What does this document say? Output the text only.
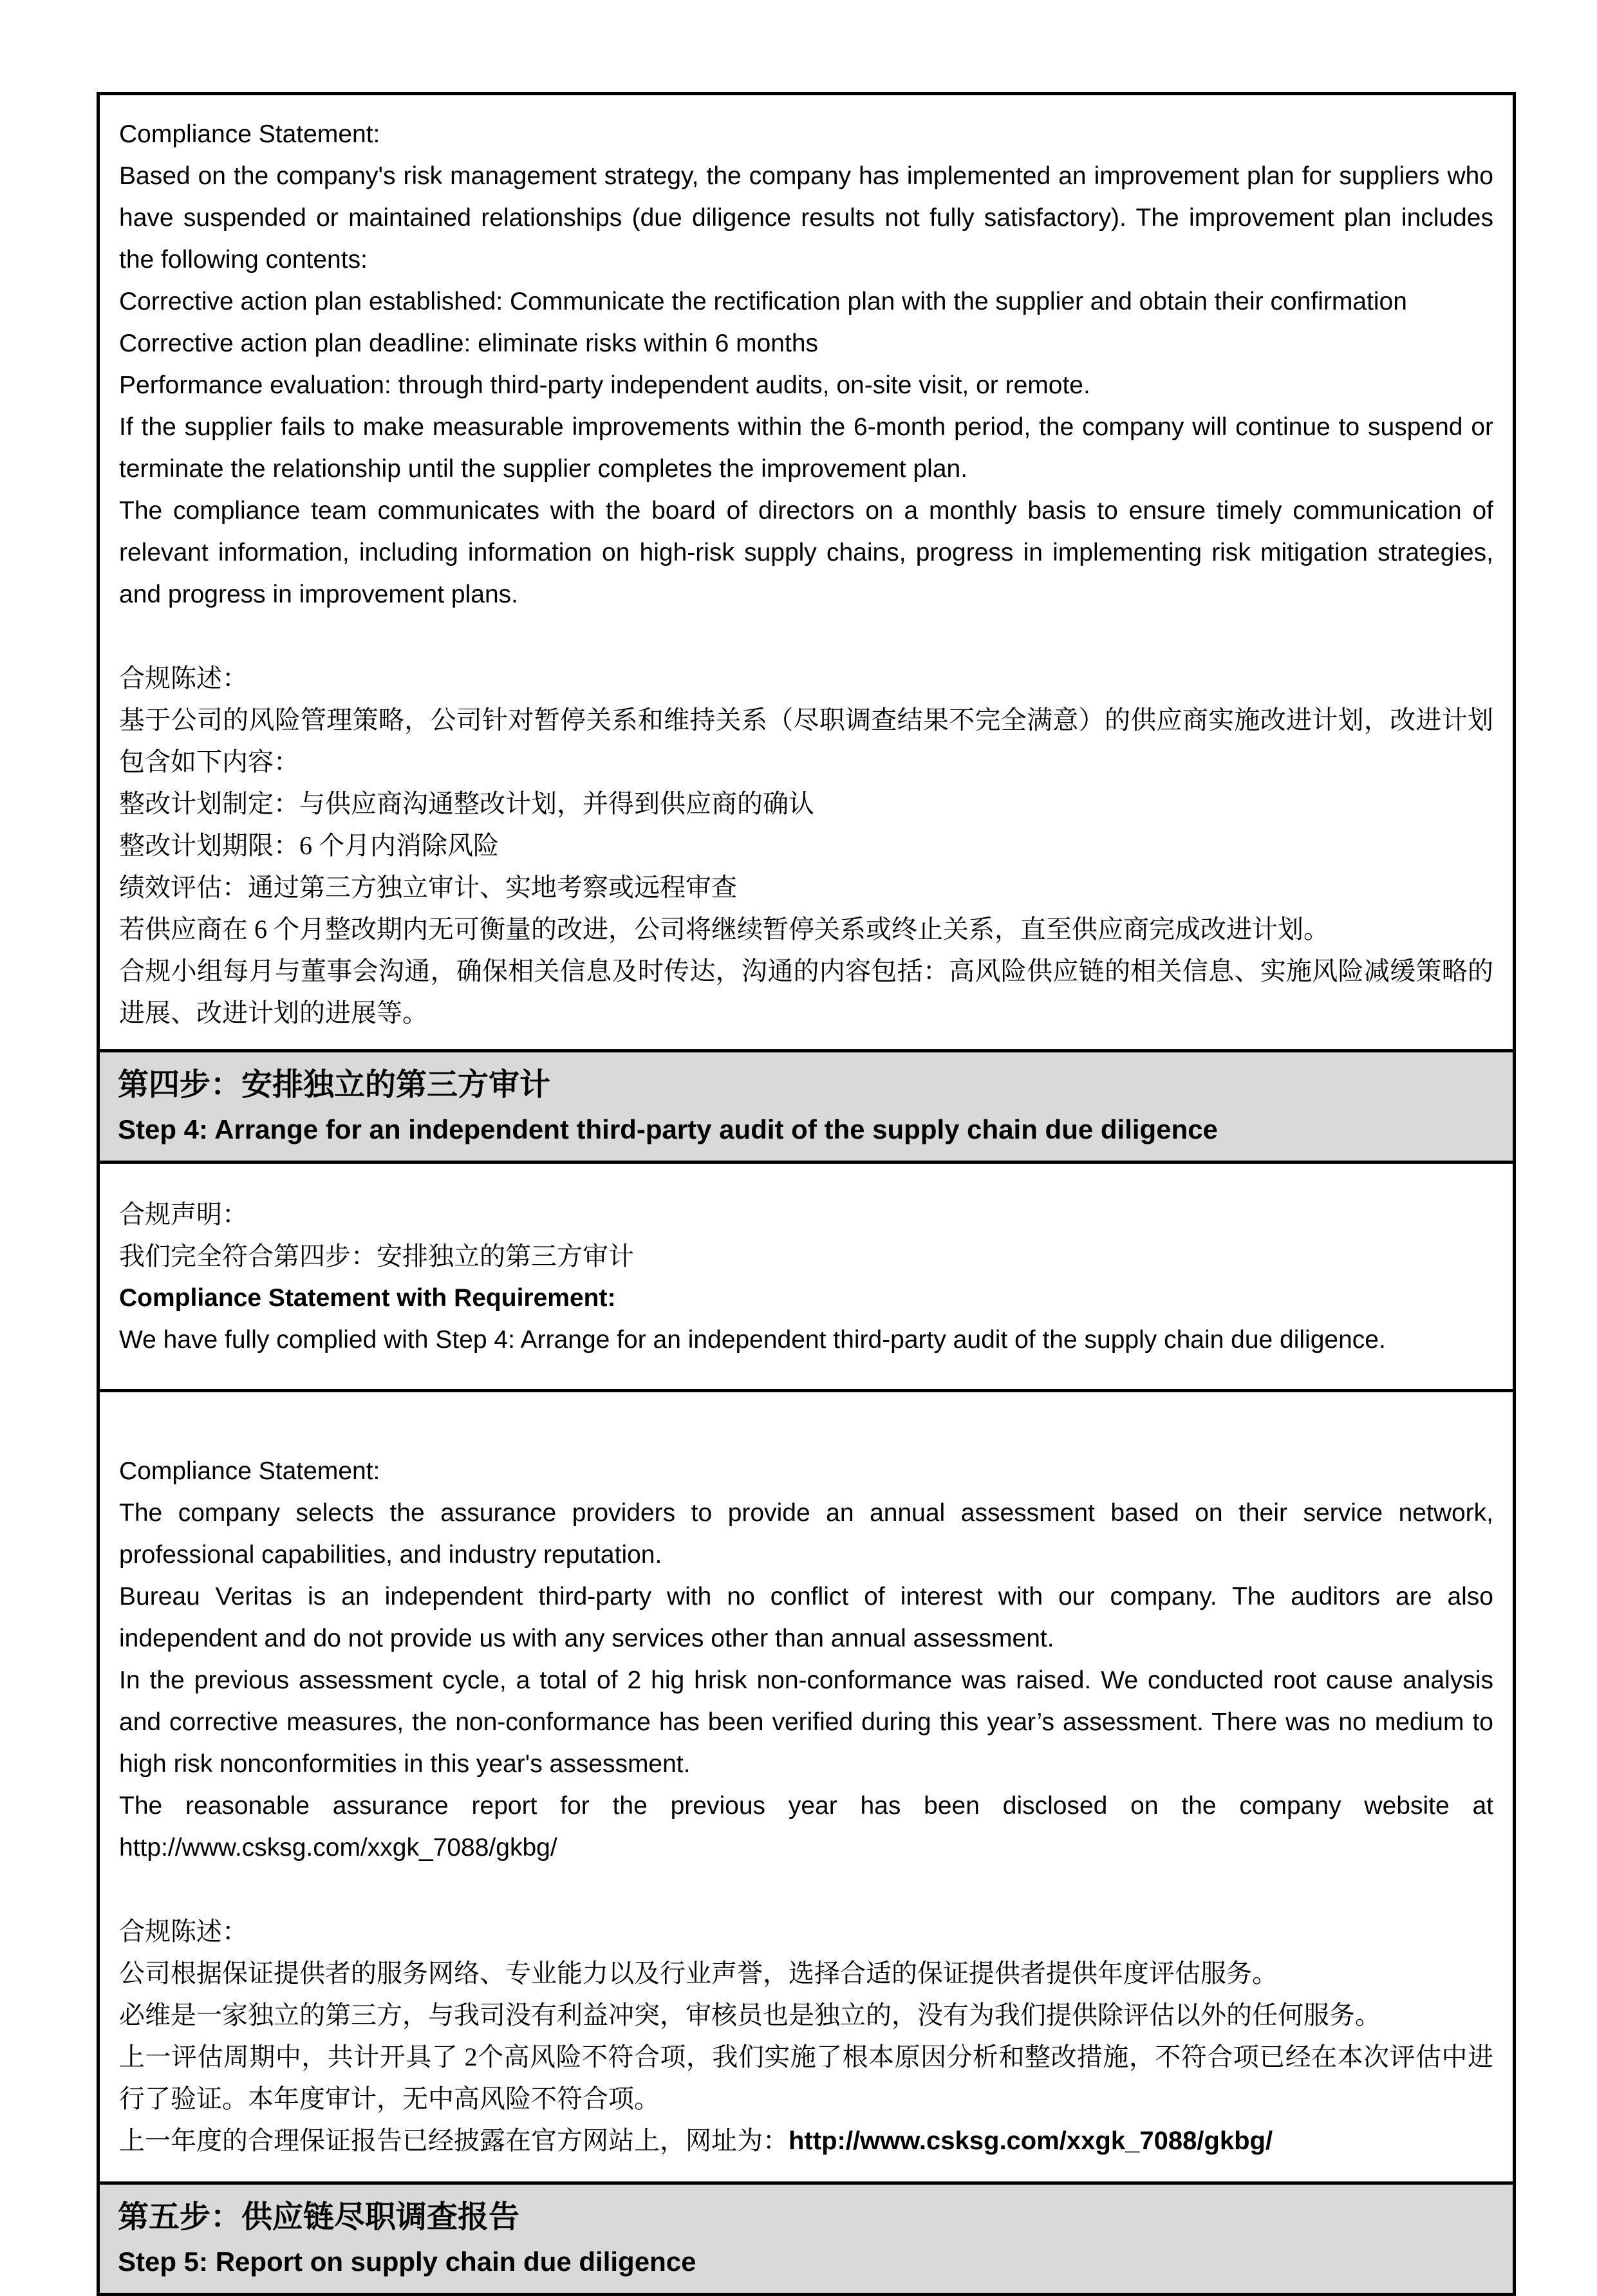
Compliance Statement:

Based on the company's risk management strategy, the company has implemented an improvement plan for suppliers who have suspended or maintained relationships (due diligence results not fully satisfactory). The improvement plan includes the following contents:

Corrective action plan established: Communicate the rectification plan with the supplier and obtain their confirmation

Corrective action plan deadline: eliminate risks within 6 months

Performance evaluation: through third-party independent audits, on-site visit, or remote.

If the supplier fails to make measurable improvements within the 6-month period, the company will continue to suspend or terminate the relationship until the supplier completes the improvement plan.

The compliance team communicates with the board of directors on a monthly basis to ensure timely communication of relevant information, including information on high-risk supply chains, progress in implementing risk mitigation strategies, and progress in improvement plans.

合规陈述：

基于公司的风险管理策略，公司针对暂停关系和维持关系（尽职调查结果不完全满意）的供应商实施改进计划，改进计划包含如下内容：

整改计划制定：与供应商沟通整改计划，并得到供应商的确认

整改计划期限：6 个月内消除风险

绩效评估：通过第三方独立审计、实地考察或远程审查

若供应商在 6 个月整改期内无可衡量的改进，公司将继续暂停关系或终止关系，直至供应商完成改进计划。

合规小组每月与董事会沟通，确保相关信息及时传达，沟通的内容包括：高风险供应链的相关信息、实施风险减缓策略的进展、改进计划的进展等。

第四步：安排独立的第三方审计
Step 4: Arrange for an independent third-party audit of the supply chain due diligence

合规声明：

我们完全符合第四步：安排独立的第三方审计

Compliance Statement with Requirement:

We have fully complied with Step 4: Arrange for an independent third-party audit of the supply chain due diligence.

Compliance Statement:

The company selects the assurance providers to provide an annual assessment based on their service network, professional capabilities, and industry reputation.

Bureau Veritas is an independent third-party with no conflict of interest with our company. The auditors are also independent and do not provide us with any services other than annual assessment.

In the previous assessment cycle, a total of 2 hig hrisk non-conformance was raised. We conducted root cause analysis and corrective measures, the non-conformance has been verified during this year’s assessment. There was no medium to high risk nonconformities in this year's assessment.

The reasonable assurance report for the previous year has been disclosed on the company website at http://www.csksg.com/xxgk_7088/gkbg/

合规陈述：

公司根据保证提供者的服务网络、专业能力以及行业声誉，选择合适的保证提供者提供年度评估服务。

必维是一家独立的第三方，与我司没有利益冲突，审核员也是独立的，没有为我们提供除评估以外的任何服务。

上一评估周期中，共计开具了 2个高风险不符合项，我们实施了根本原因分析和整改措施，不符合项已经在本次评估中进行了验证。本年度审计，无中高风险不符合项。

上一年度的合理保证报告已经披露在官方网站上，网址为：http://www.csksg.com/xxgk_7088/gkbg/

第五步：供应链尽职调查报告
Step 5: Report on supply chain due diligence
